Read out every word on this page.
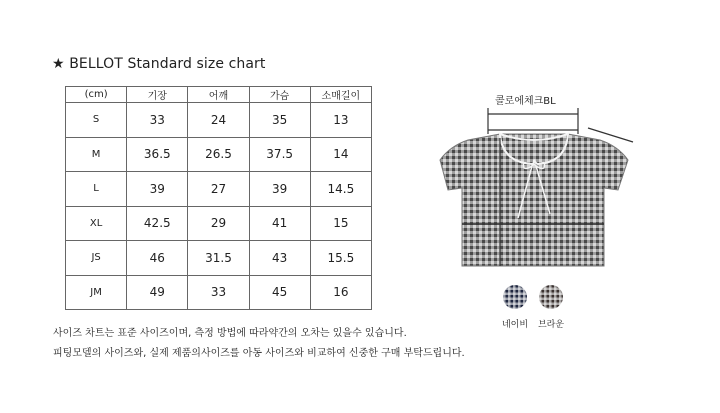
★ BELLOT Standard size chart
(cm)	기장	어깨	가슴	소매길이
S	33	24	35	13
M	36.5	26.5	37.5	14
L	39	27	39	14.5
XL	42.5	29	41	15
JS	46	31.5	43	15.5
JM	49	33	45	16
사이즈 차트는 표준 사이즈이며, 측정 방법에 따라약간의 오차는 있을수 있습니다.
피팅모델의 사이즈와, 실제 제품의사이즈를 아동 사이즈와 비교하여 신중한 구매 부탁드립니다.
콜로에체크BL
네이비	브라운
